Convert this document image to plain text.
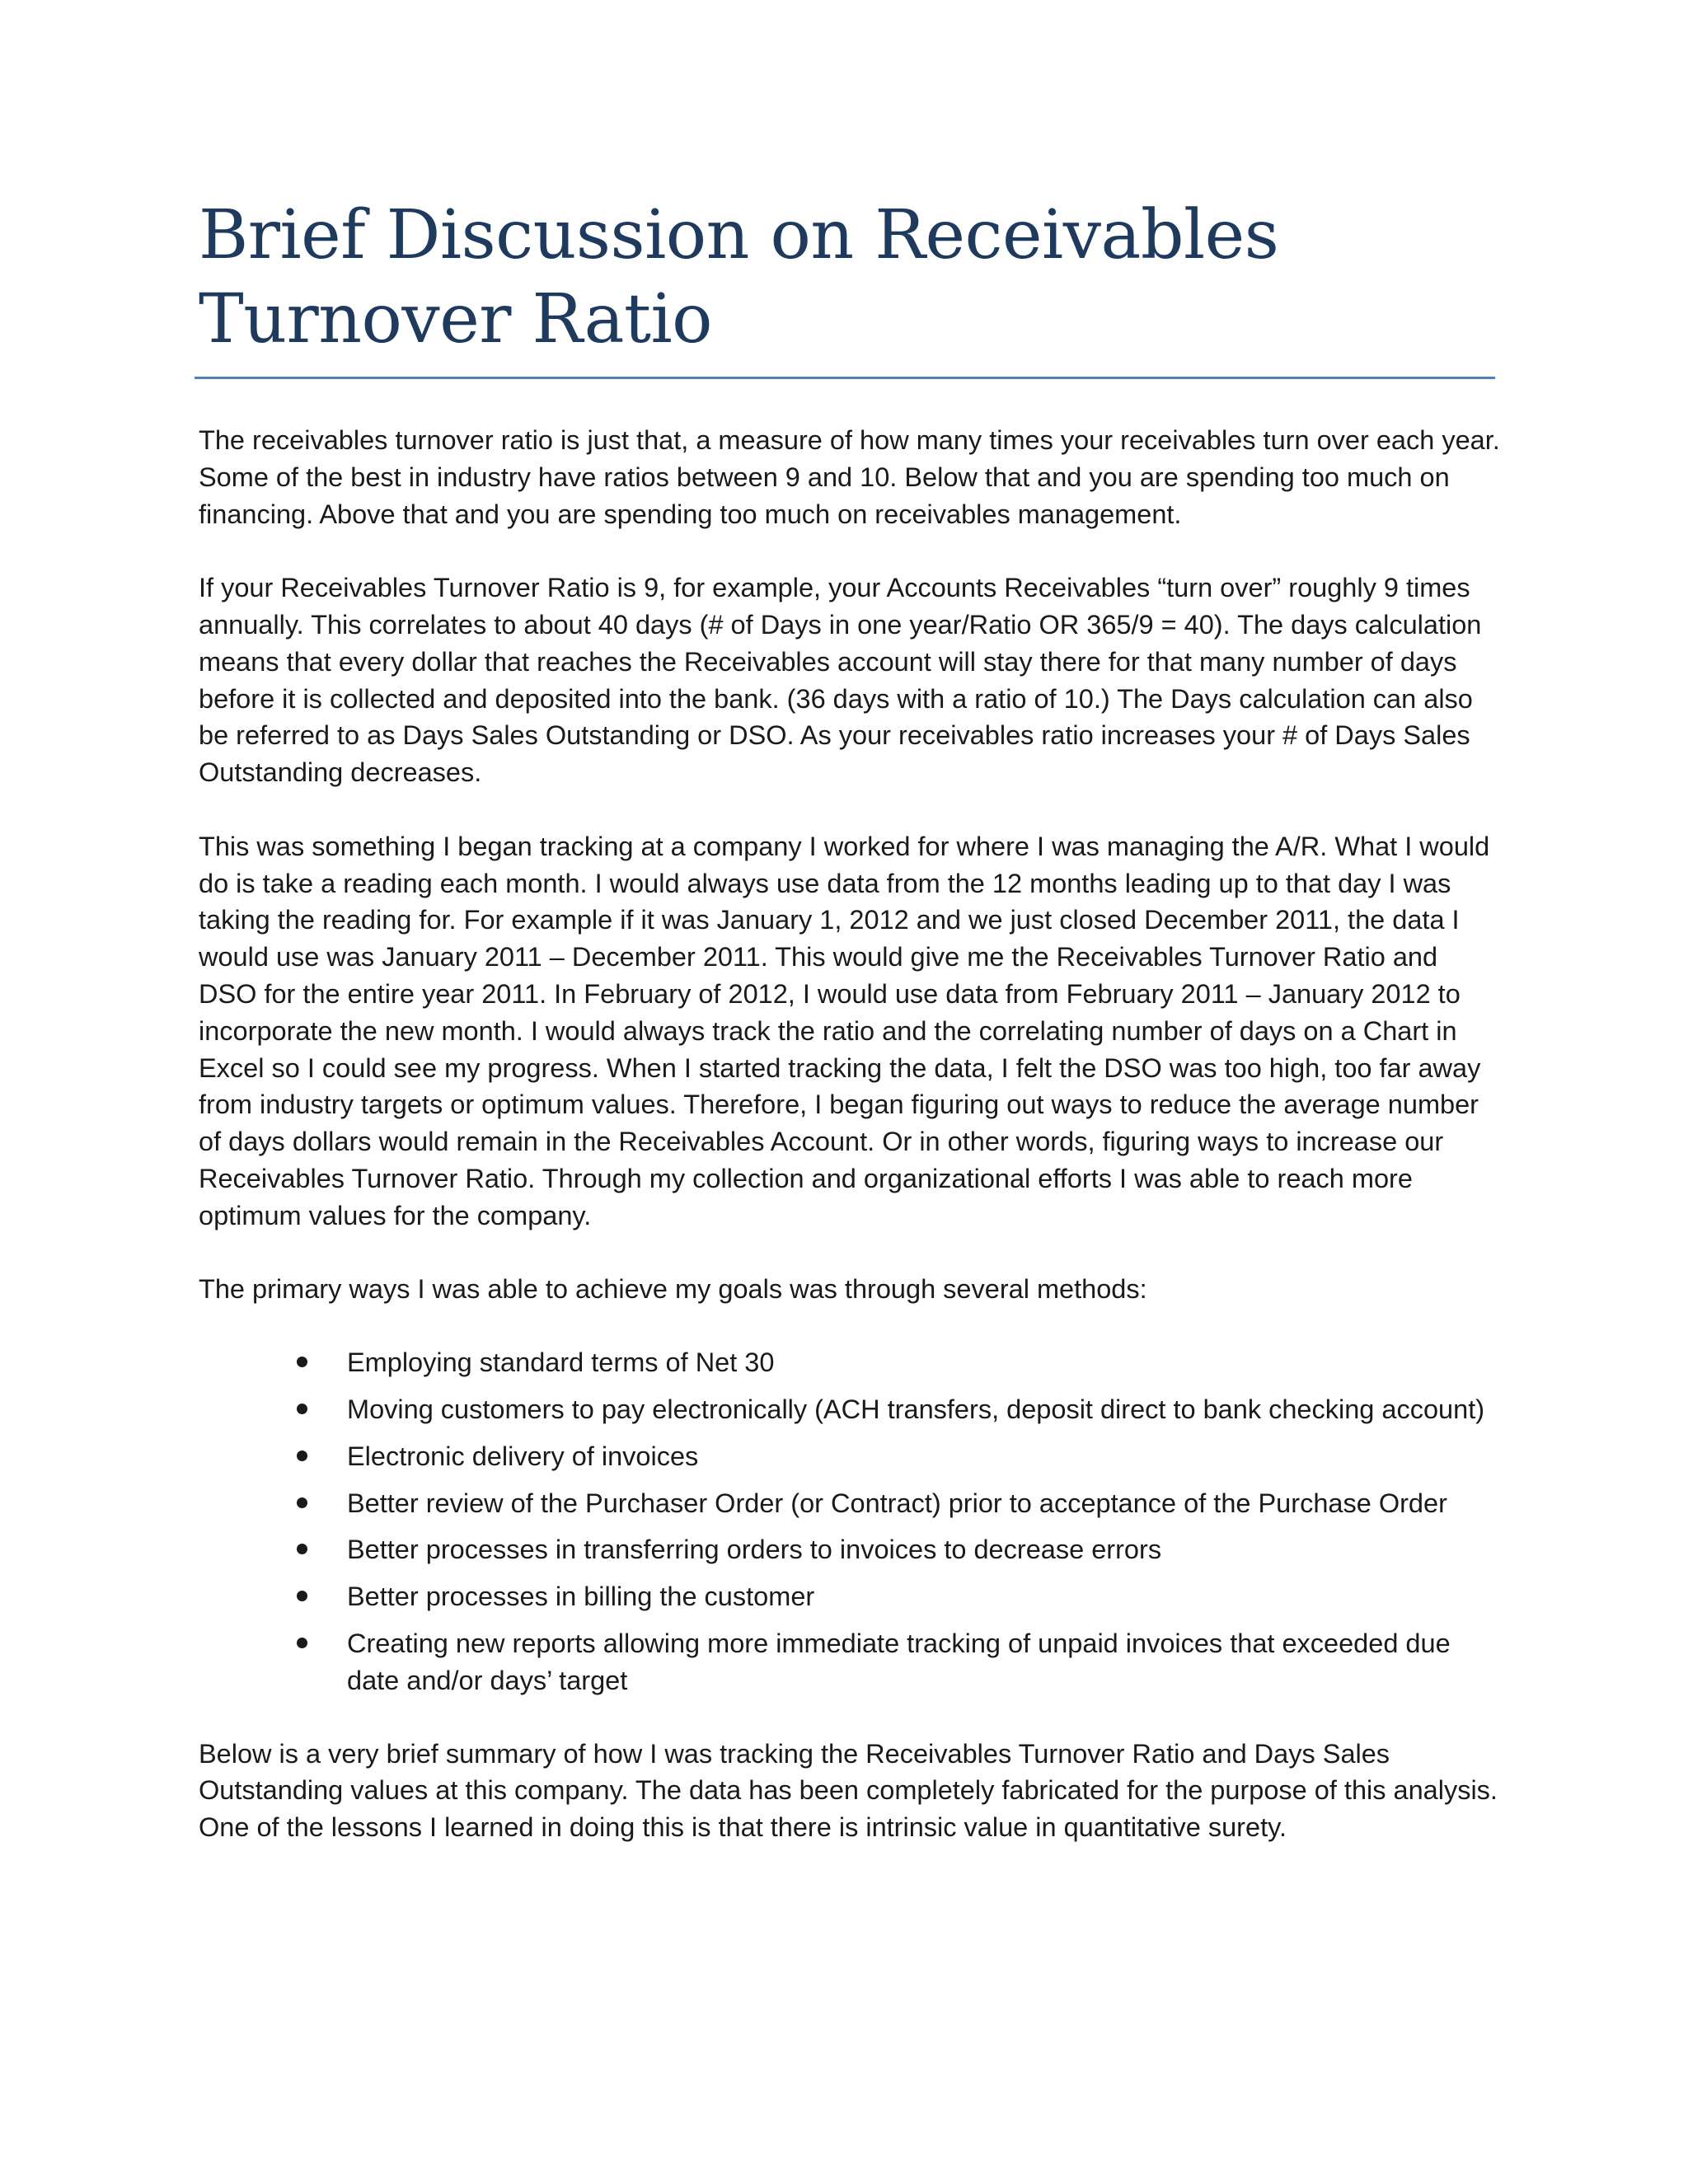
Brief Discussion on Receivables Turnover Ratio

The receivables turnover ratio is just that, a measure of how many times your receivables turn over each year. Some of the best in industry have ratios between 9 and 10. Below that and you are spending too much on financing. Above that and you are spending too much on receivables management.

If your Receivables Turnover Ratio is 9, for example, your Accounts Receivables “turn over” roughly 9 times annually. This correlates to about 40 days (# of Days in one year/Ratio OR 365/9 = 40). The days calculation means that every dollar that reaches the Receivables account will stay there for that many number of days before it is collected and deposited into the bank. (36 days with a ratio of 10.) The Days calculation can also be referred to as Days Sales Outstanding or DSO. As your receivables ratio increases your # of Days Sales Outstanding decreases.

This was something I began tracking at a company I worked for where I was managing the A/R. What I would do is take a reading each month. I would always use data from the 12 months leading up to that day I was taking the reading for. For example if it was January 1, 2012 and we just closed December 2011, the data I would use was January 2011 – December 2011. This would give me the Receivables Turnover Ratio and DSO for the entire year 2011. In February of 2012, I would use data from February 2011 – January 2012 to incorporate the new month. I would always track the ratio and the correlating number of days on a Chart in Excel so I could see my progress. When I started tracking the data, I felt the DSO was too high, too far away from industry targets or optimum values. Therefore, I began figuring out ways to reduce the average number of days dollars would remain in the Receivables Account. Or in other words, figuring ways to increase our Receivables Turnover Ratio. Through my collection and organizational efforts I was able to reach more optimum values for the company.

The primary ways I was able to achieve my goals was through several methods:

Employing standard terms of Net 30
Moving customers to pay electronically (ACH transfers, deposit direct to bank checking account)
Electronic delivery of invoices
Better review of the Purchaser Order (or Contract) prior to acceptance of the Purchase Order
Better processes in transferring orders to invoices to decrease errors
Better processes in billing the customer
Creating new reports allowing more immediate tracking of unpaid invoices that exceeded due date and/or days’ target

Below is a very brief summary of how I was tracking the Receivables Turnover Ratio and Days Sales Outstanding values at this company. The data has been completely fabricated for the purpose of this analysis. One of the lessons I learned in doing this is that there is intrinsic value in quantitative surety.
